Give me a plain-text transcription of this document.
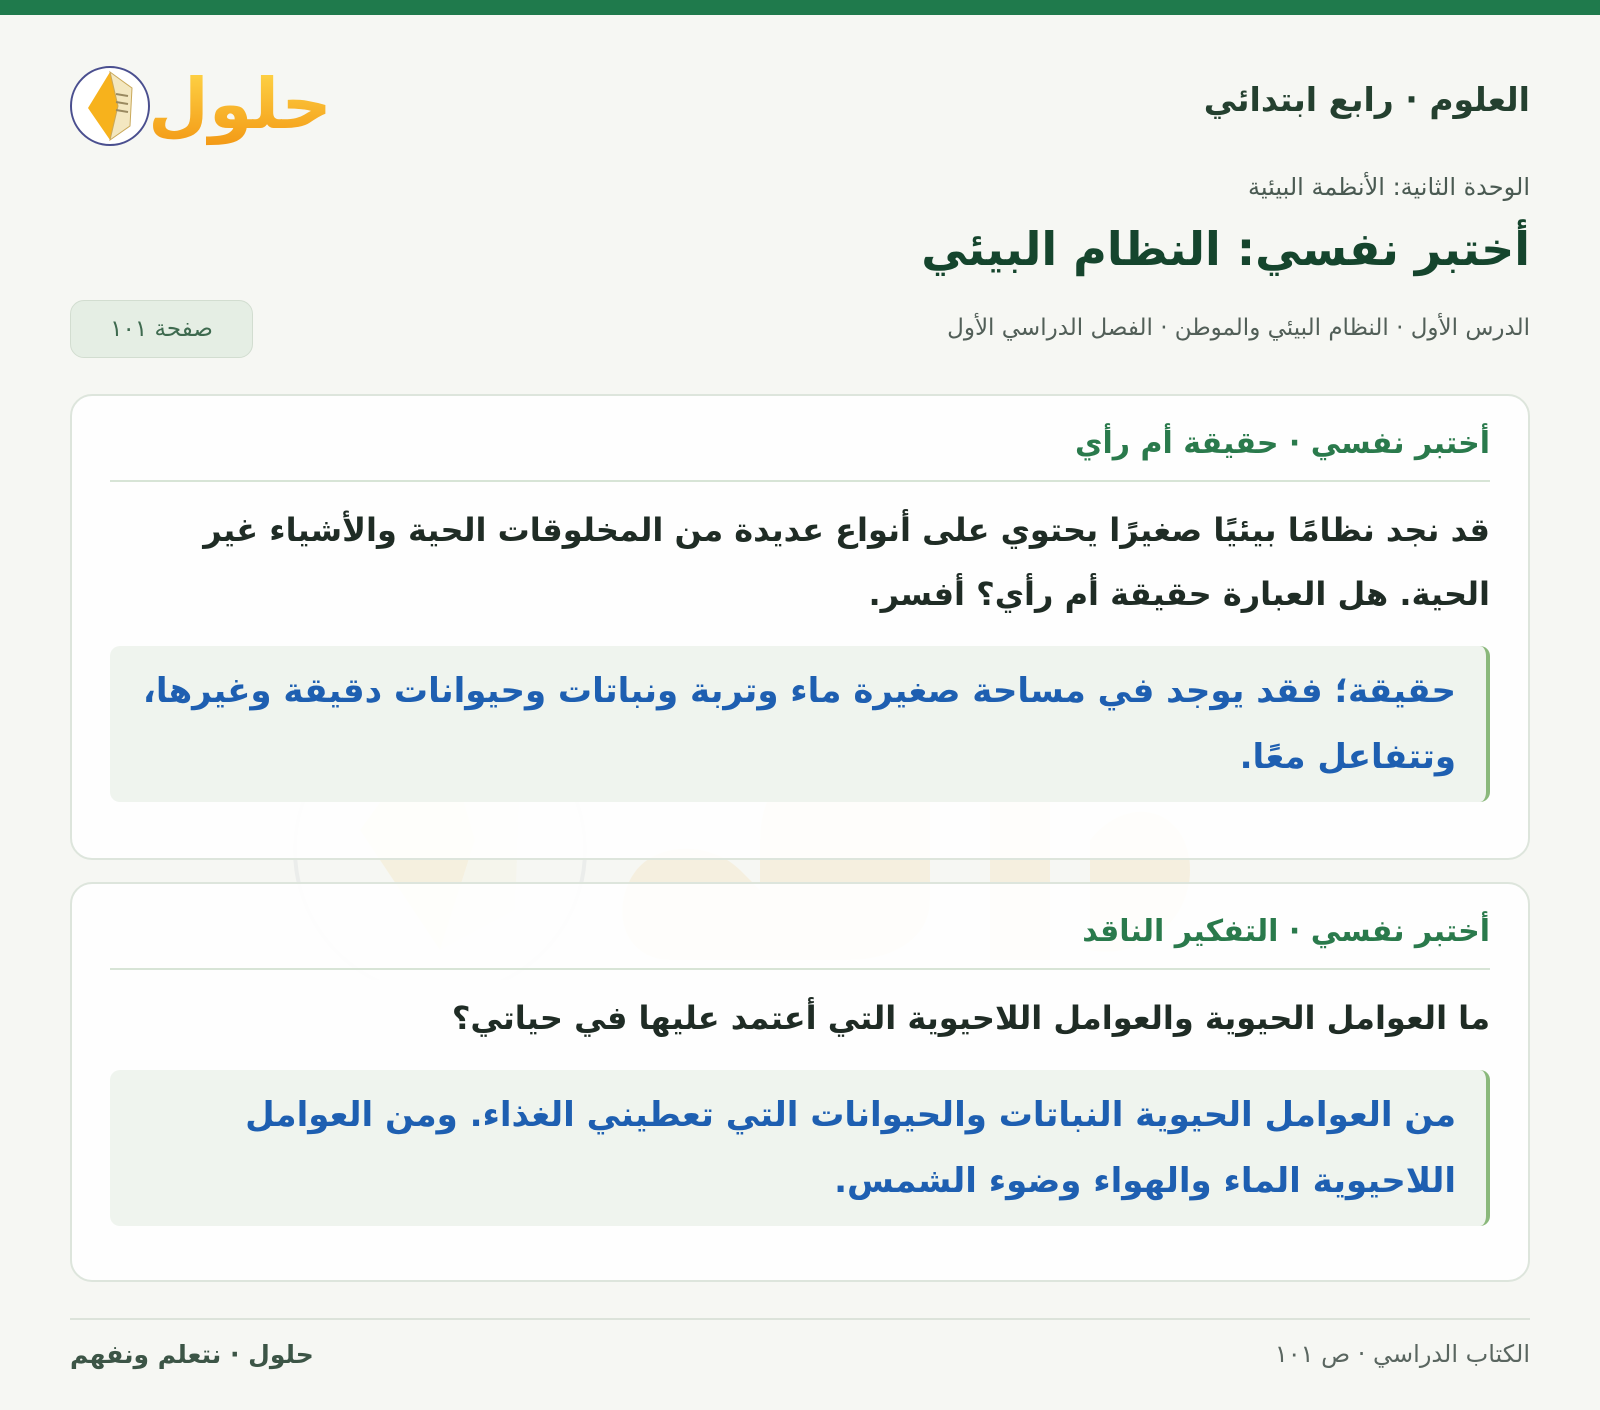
حلول	العلوم · رابع ابتدائي

الوحدة الثانية: الأنظمة البيئية

أختبر نفسي: النظام البيئي

الدرس الأول · النظام البيئي والموطن · الفصل الدراسي الأول

صفحة ١٠١
أختبر نفسي · حقيقة أم رأي

قد نجد نظامًا بيئيًا صغيرًا يحتوي على أنواع عديدة من المخلوقات الحية والأشياء غير الحية. هل العبارة حقيقة أم رأي؟ أفسر.

حقيقة؛ فقد يوجد في مساحة صغيرة ماء وتربة ونباتات وحيوانات دقيقة وغيرها، وتتفاعل معًا.
أختبر نفسي · التفكير الناقد

ما العوامل الحيوية والعوامل اللاحيوية التي أعتمد عليها في حياتي؟

من العوامل الحيوية النباتات والحيوانات التي تعطيني الغذاء. ومن العوامل اللاحيوية الماء والهواء وضوء الشمس.

الكتاب الدراسي · ص ١٠١

حلول · نتعلم ونفهم
